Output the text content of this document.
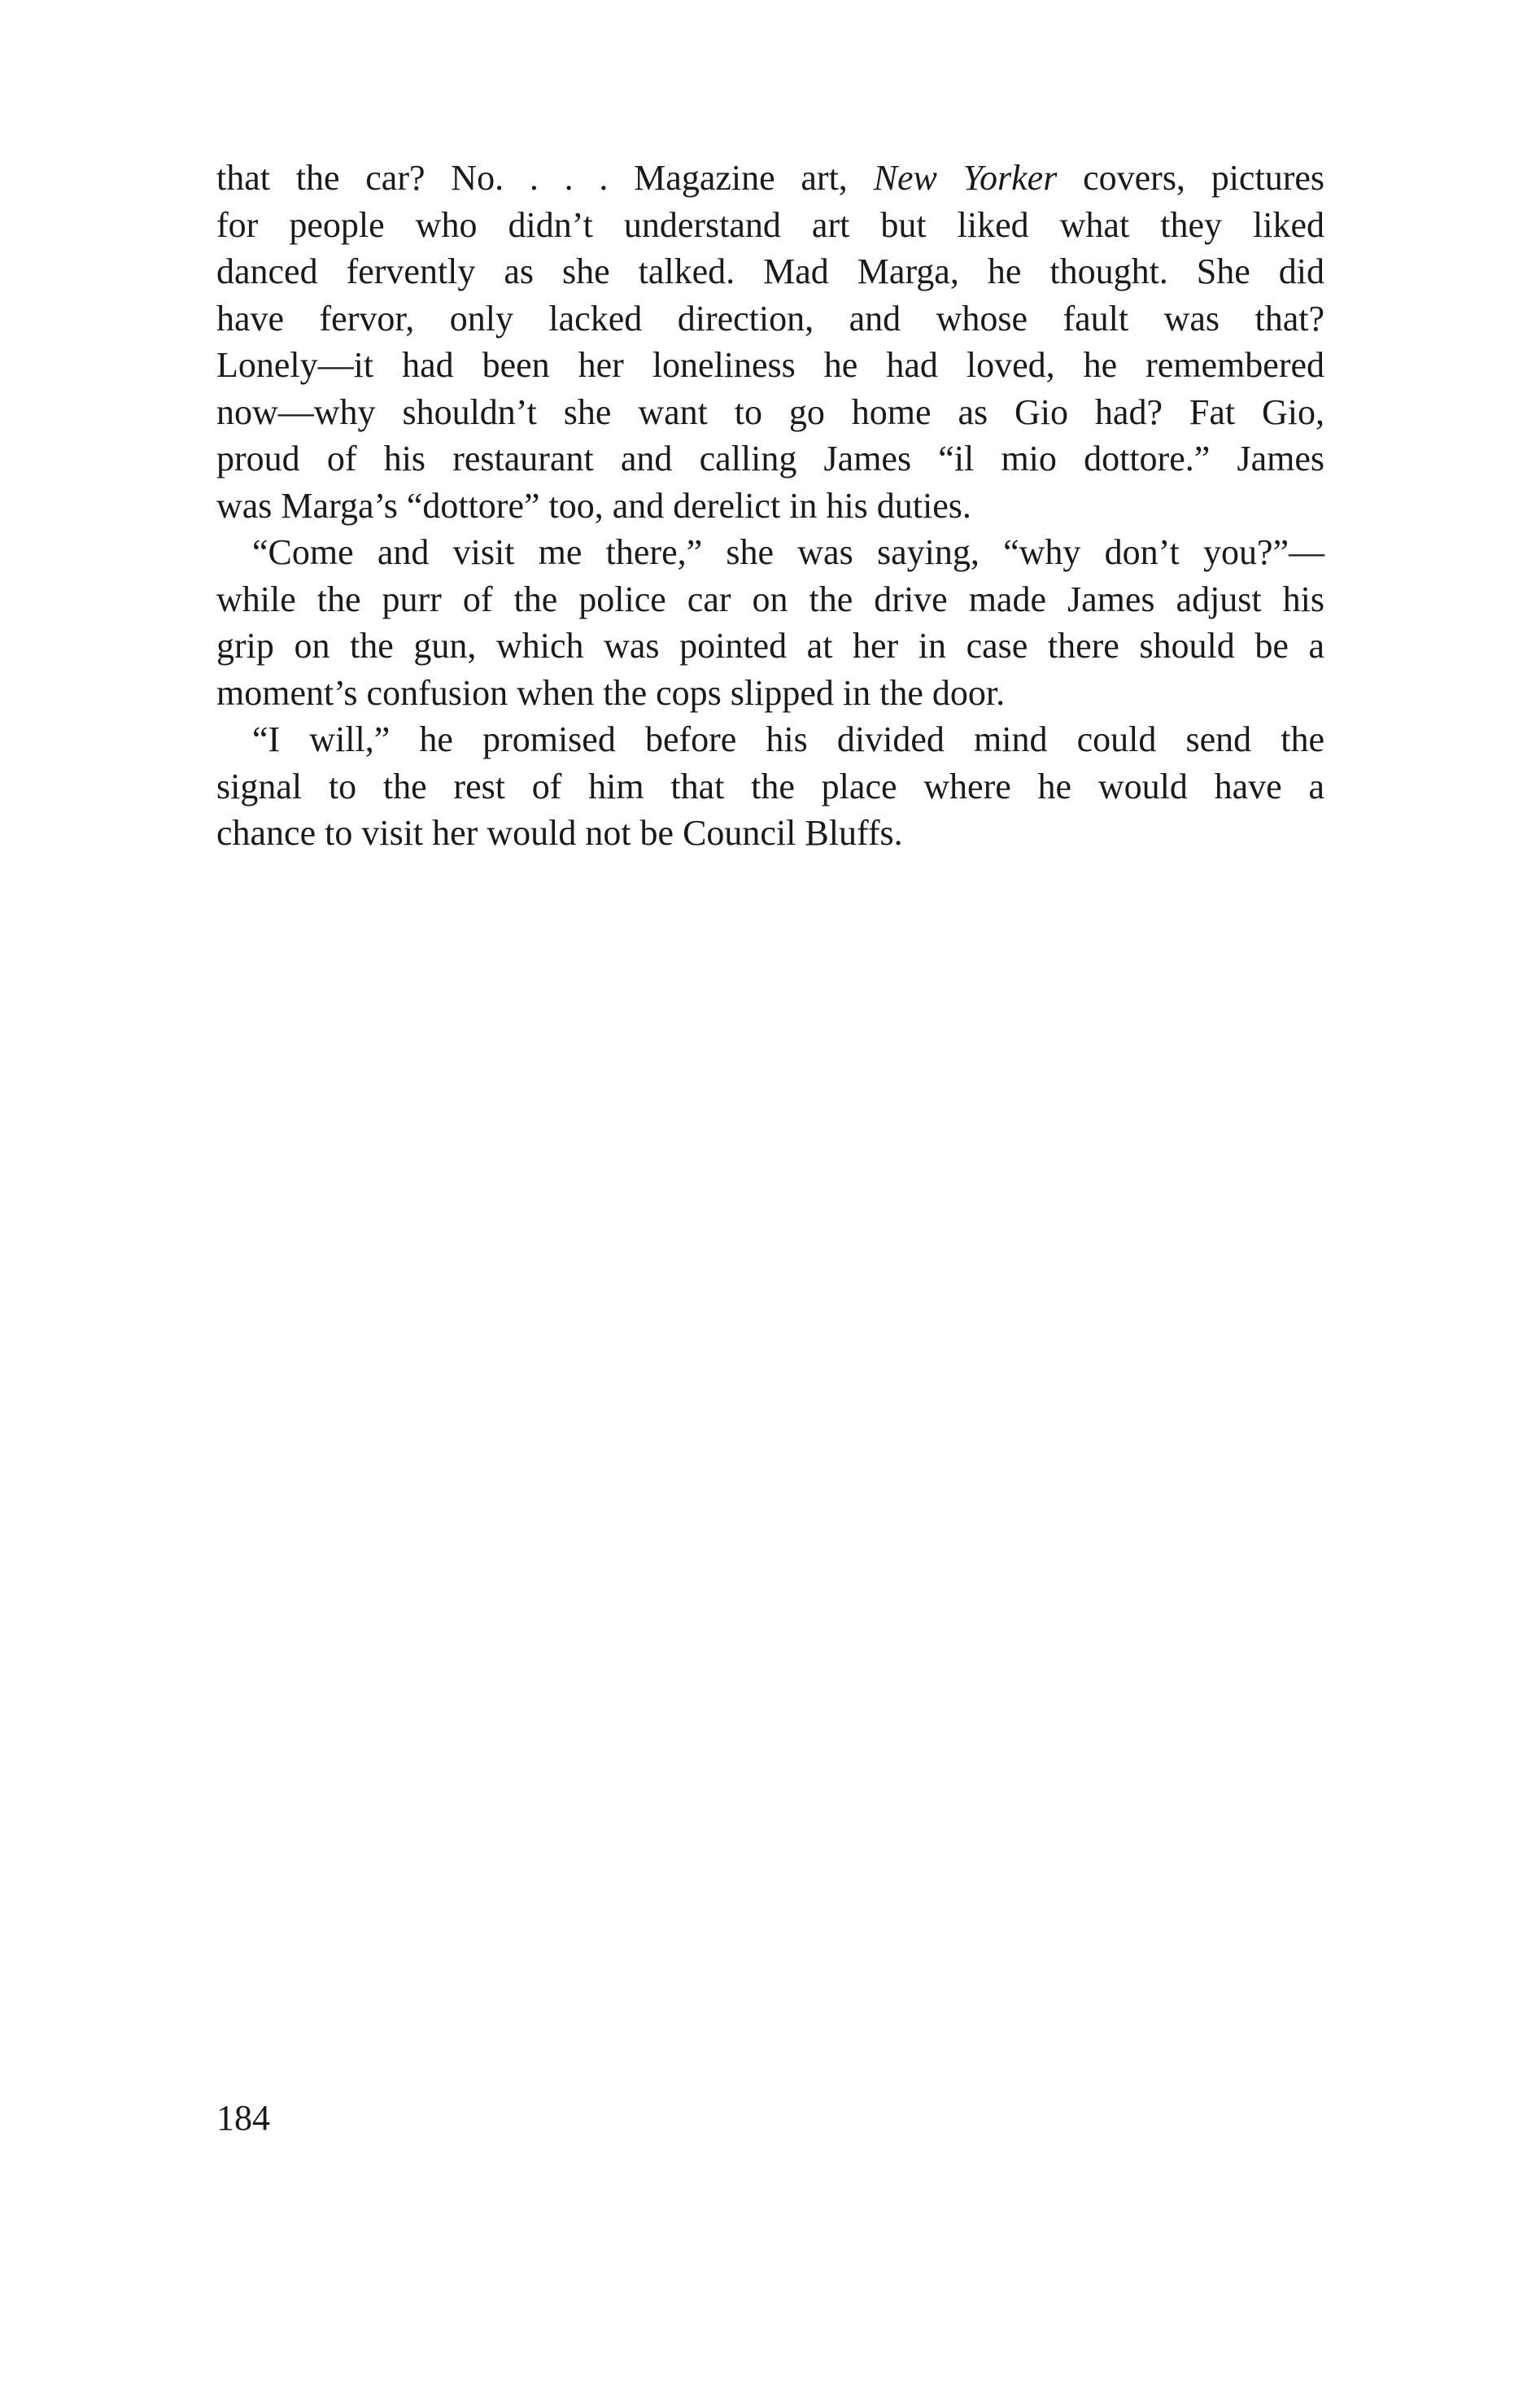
that the car? No. . . . Magazine art, New Yorker covers, pictures
for people who didn’t understand art but liked what they liked
danced fervently as she talked. Mad Marga, he thought. She did
have fervor, only lacked direction, and whose fault was that?
Lonely—it had been her loneliness he had loved, he remembered
now—why shouldn’t she want to go home as Gio had? Fat Gio,
proud of his restaurant and calling James “il mio dottore.” James
was Marga’s “dottore” too, and derelict in his duties.
“Come and visit me there,” she was saying, “why don’t you?”—
while the purr of the police car on the drive made James adjust his
grip on the gun, which was pointed at her in case there should be a
moment’s confusion when the cops slipped in the door.
“I will,” he promised before his divided mind could send the
signal to the rest of him that the place where he would have a
chance to visit her would not be Council Bluffs.
184
